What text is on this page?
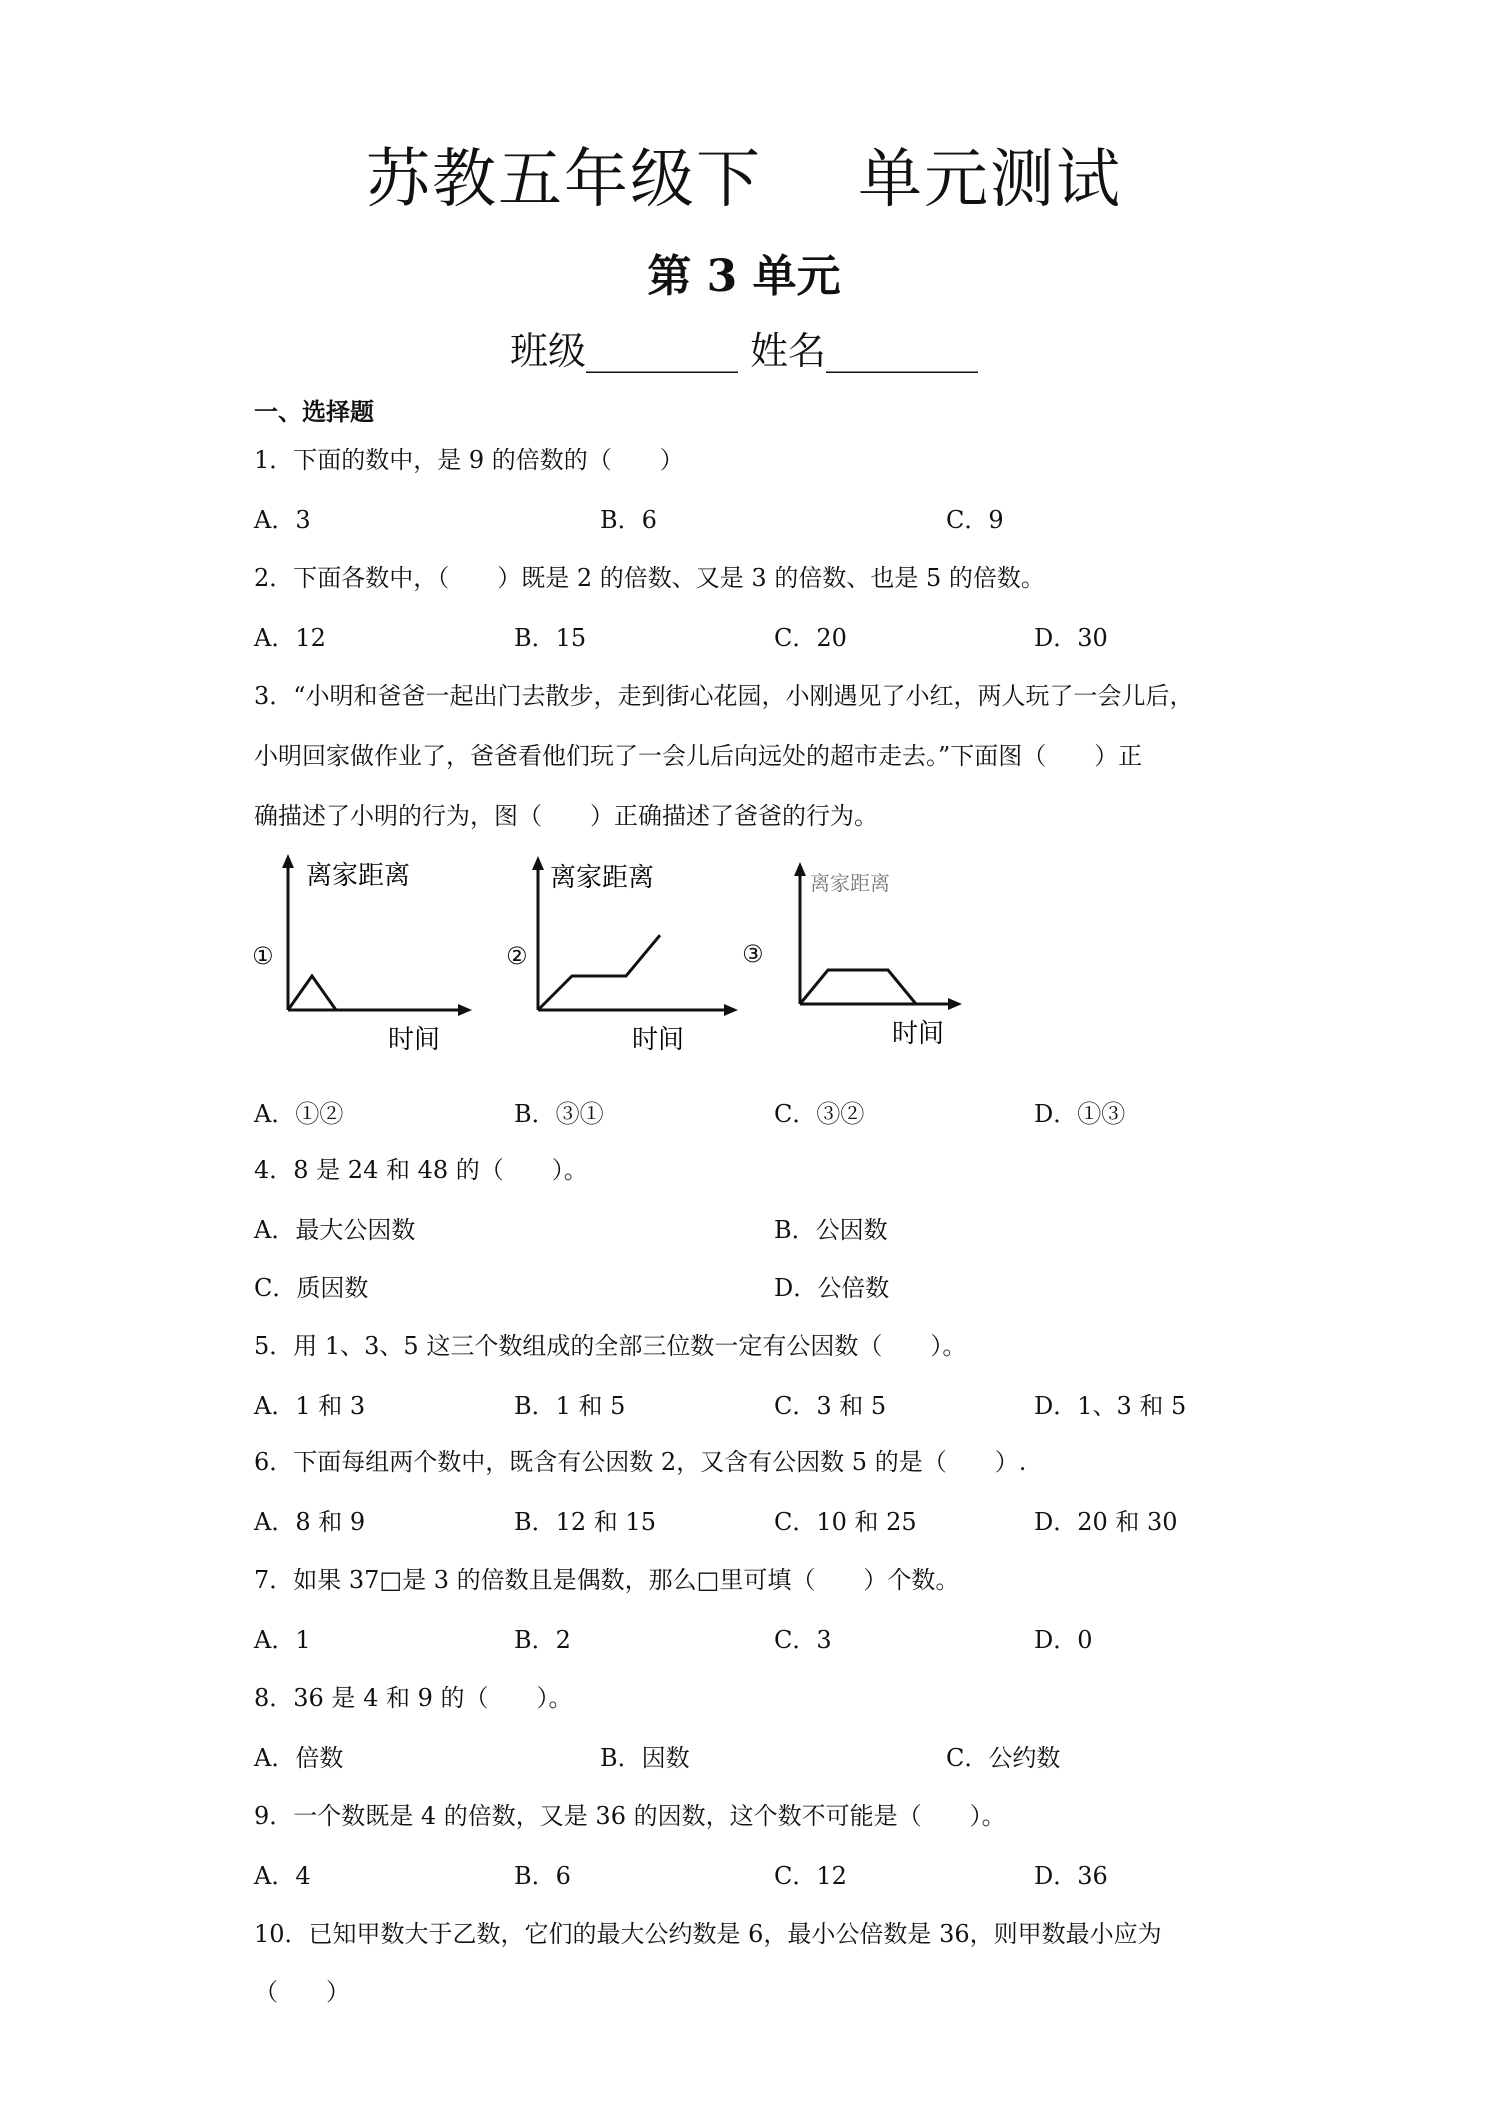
苏教五年级下 单元测试
第 3 单元
班级________ 姓名________
一、选择题
1．下面的数中，是 9 的倍数的（　　）
A．3	B．6	C．9
2．下面各数中，（　　）既是 2 的倍数、又是 3 的倍数、也是 5 的倍数。
A．12	B．15	C．20	D．30
3．“小明和爸爸一起出门去散步，走到街心花园，小刚遇见了小红，两人玩了一会儿后，
小明回家做作业了，爸爸看他们玩了一会儿后向远处的超市走去。”下面图（　　）正
确描述了小明的行为，图（　　）正确描述了爸爸的行为。
①
离家距离
时间
②
离家距离
时间
③
离家距离
时间
A．①②	B．③①	C．③②	D．①③
4．8 是 24 和 48 的（　　）。
A．最大公因数	B．公因数
C．质因数	D．公倍数
5．用 1、3、5 这三个数组成的全部三位数一定有公因数（　　）。
A．1 和 3	B．1 和 5	C．3 和 5	D．1、3 和 5
6．下面每组两个数中，既含有公因数 2，又含有公因数 5 的是（　　）.
A．8 和 9	B．12 和 15	C．10 和 25	D．20 和 30
7．如果 37□是 3 的倍数且是偶数，那么□里可填（　　）个数。
A．1	B．2	C．3	D．0
8．36 是 4 和 9 的（　　）。
A．倍数	B．因数	C．公约数
9．一个数既是 4 的倍数，又是 36 的因数，这个数不可能是（　　）。
A．4	B．6	C．12	D．36
10．已知甲数大于乙数，它们的最大公约数是 6，最小公倍数是 36，则甲数最小应为
（　　）
